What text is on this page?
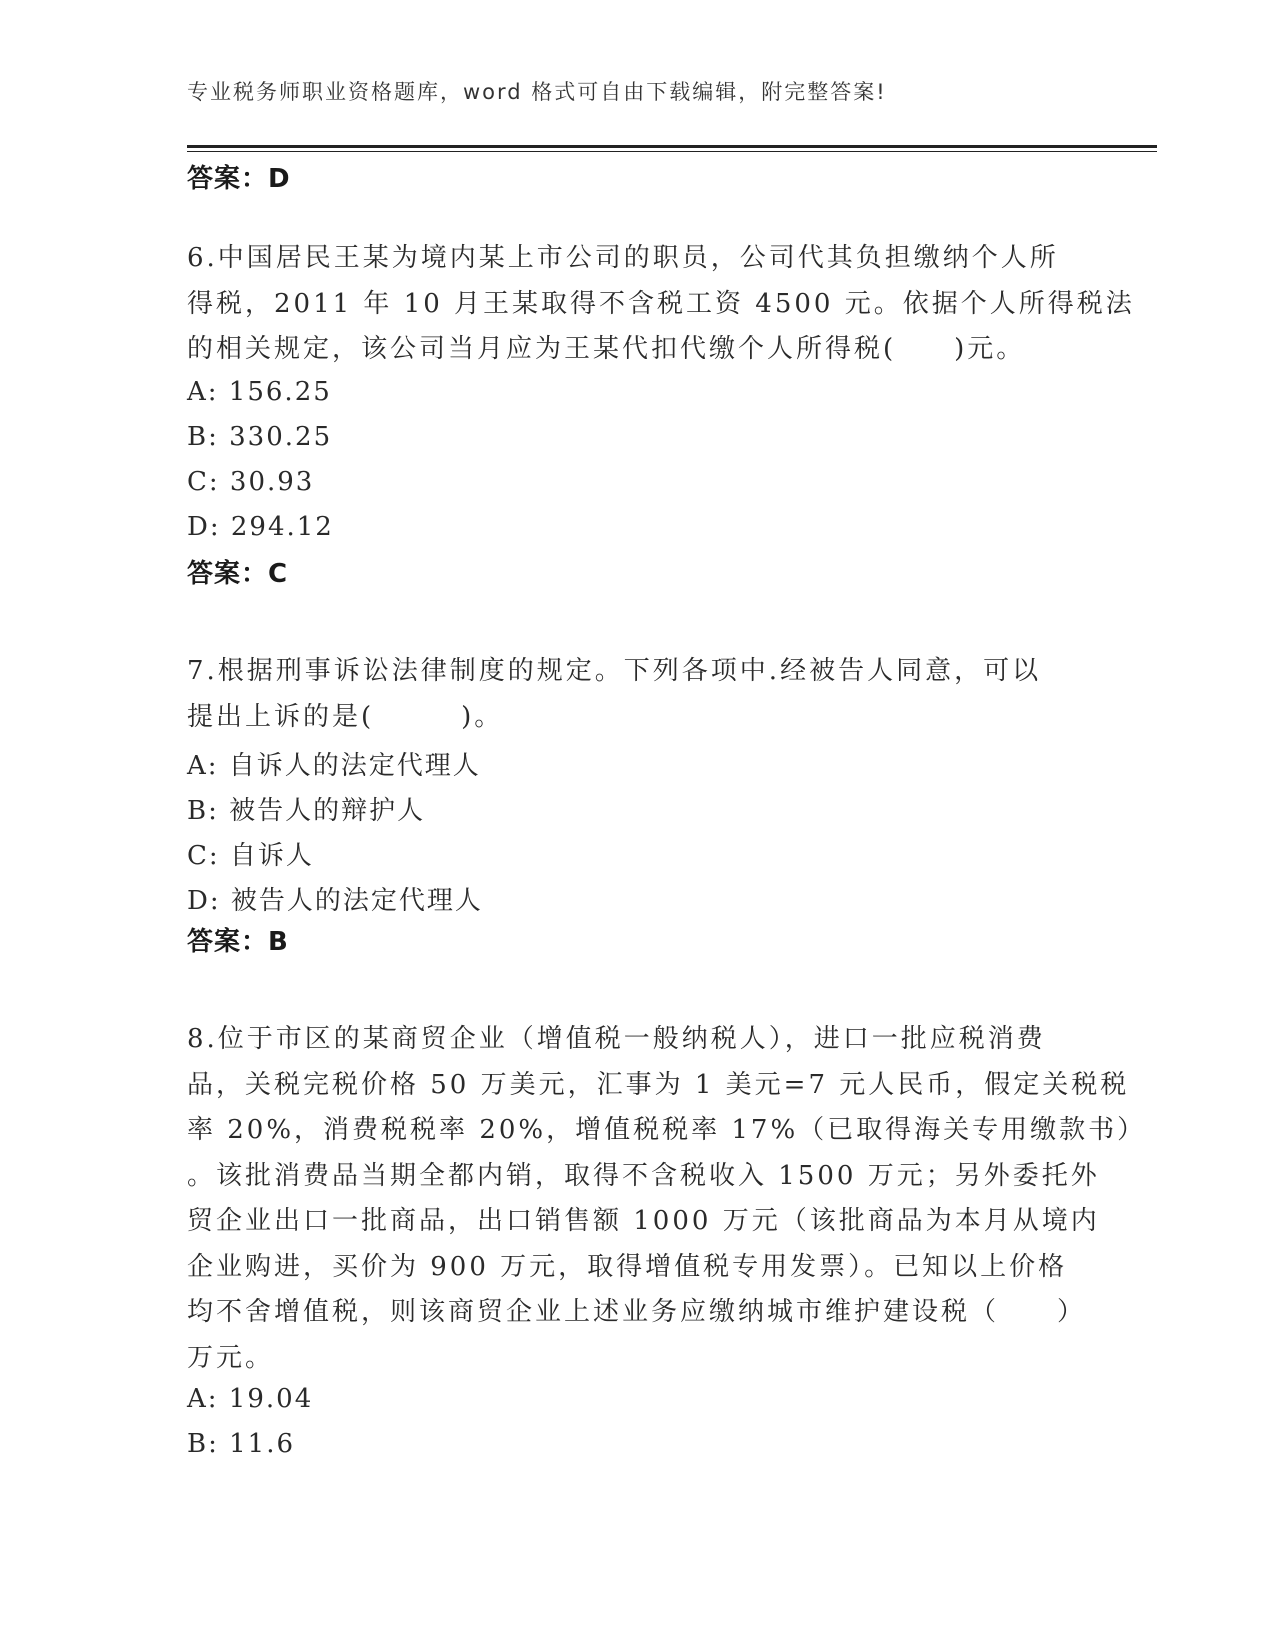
专业税务师职业资格题库，word 格式可自由下载编辑，附完整答案!
答案：D
6.中国居民王某为境内某上市公司的职员，公司代其负担缴纳个人所
得税，2011 年 10 月王某取得不含税工资 4500 元。依据个人所得税法
的相关规定，该公司当月应为王某代扣代缴个人所得税(　　)元。
A: 156.25
B: 330.25
C: 30.93
D: 294.12
答案：C
7.根据刑事诉讼法律制度的规定。下列各项中.经被告人同意，可以
提出上诉的是(　　　)。
A: 自诉人的法定代理人
B: 被告人的辩护人
C: 自诉人
D: 被告人的法定代理人
答案：B
8.位于市区的某商贸企业（增值税一般纳税人），进口一批应税消费
品，关税完税价格 50 万美元，汇事为 1 美元=7 元人民币，假定关税税
率 20%，消费税税率 20%，增值税税率 17%（已取得海关专用缴款书）
。该批消费品当期全都内销，取得不含税收入 1500 万元；另外委托外
贸企业出口一批商品，出口销售额 1000 万元（该批商品为本月从境内
企业购进，买价为 900 万元，取得增值税专用发票）。已知以上价格
均不舍增值税，则该商贸企业上述业务应缴纳城市维护建设税（　　）
万元。
A: 19.04
B: 11.6
